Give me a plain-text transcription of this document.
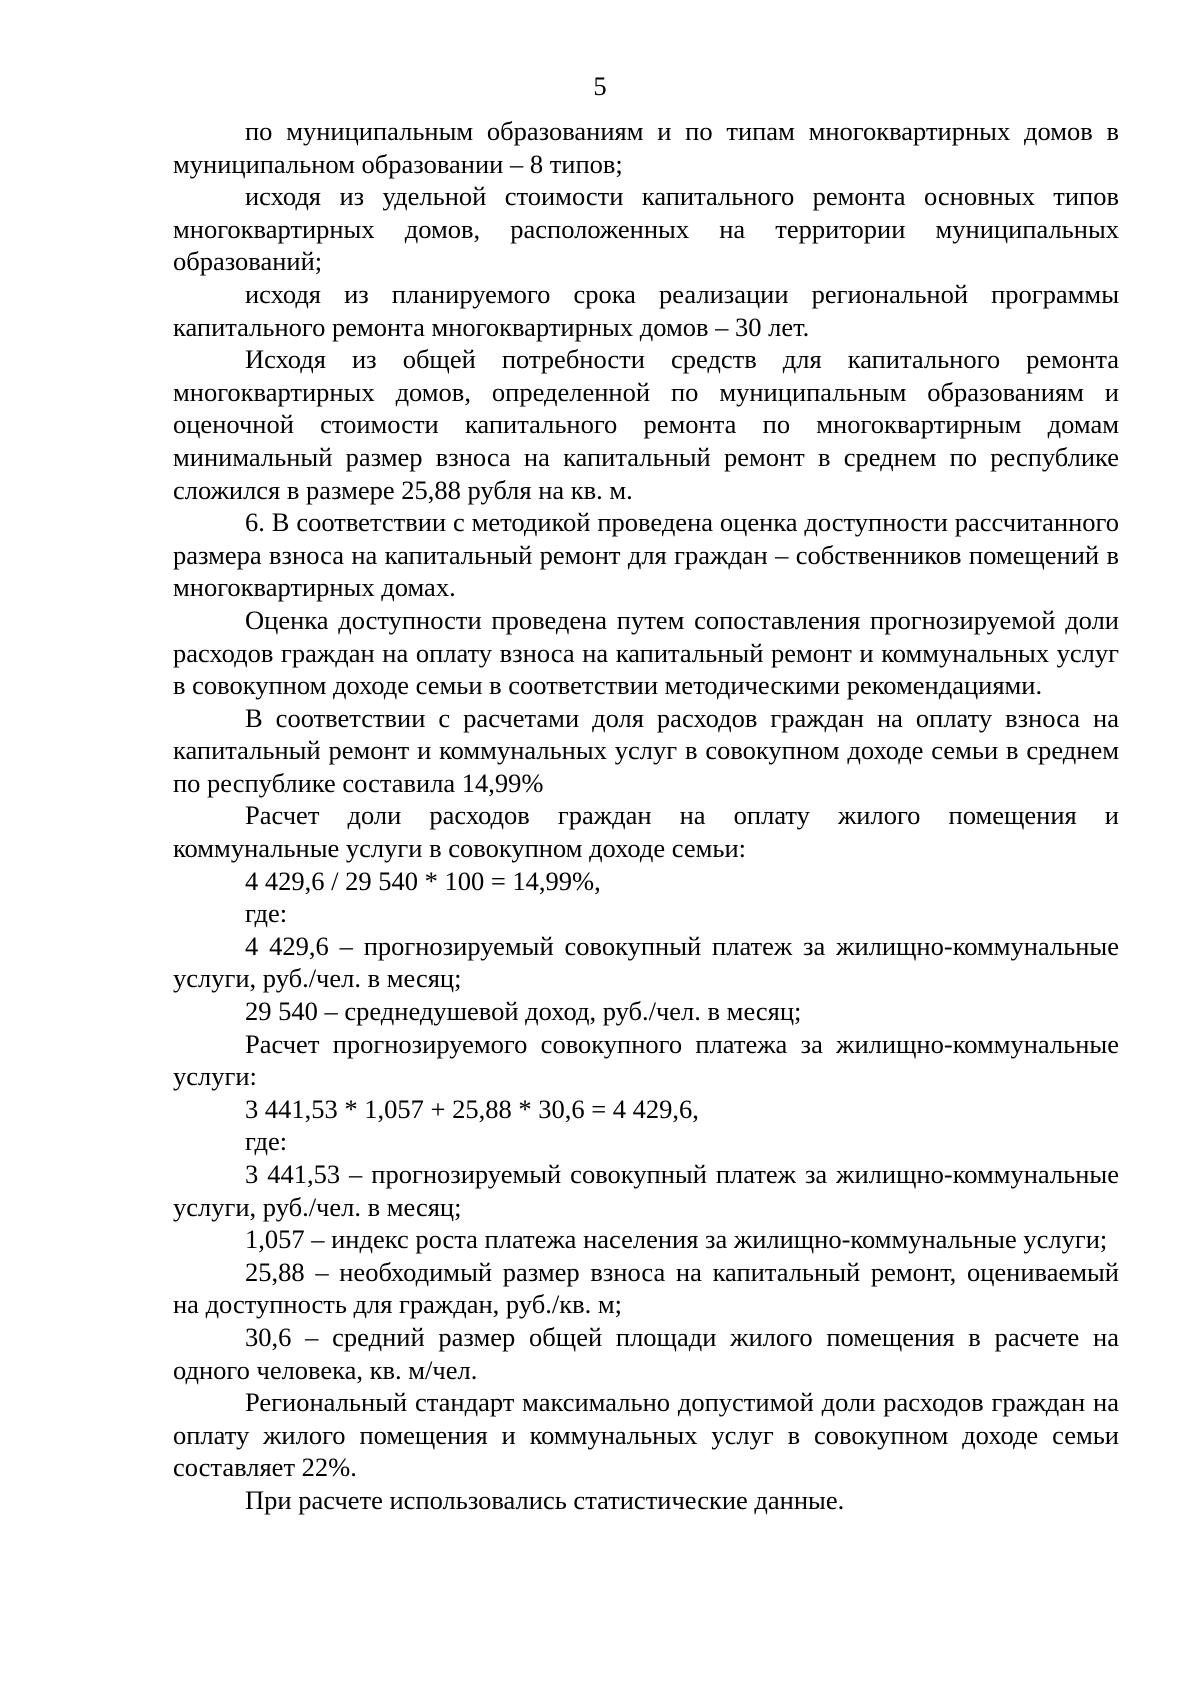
5

по муниципальным образованиям и по типам многоквартирных домов в муниципальном образовании – 8 типов;

исходя из удельной стоимости капитального ремонта основных типов многоквартирных домов, расположенных на территории муниципальных образований;

исходя из планируемого срока реализации региональной программы капитального ремонта многоквартирных домов – 30 лет.

Исходя из общей потребности средств для капитального ремонта многоквартирных домов, определенной по муниципальным образованиям и оценочной стоимости капитального ремонта по многоквартирным домам минимальный размер взноса на капитальный ремонт в среднем по республике сложился в размере 25,88 рубля на кв. м.

6. В соответствии с методикой проведена оценка доступности рассчитанного размера взноса на капитальный ремонт для граждан – собственников помещений в многоквартирных домах.

Оценка доступности проведена путем сопоставления прогнозируемой доли расходов граждан на оплату взноса на капитальный ремонт и коммунальных услуг в совокупном доходе семьи в соответствии методическими рекомендациями.

В соответствии с расчетами доля расходов граждан на оплату взноса на капитальный ремонт и коммунальных услуг в совокупном доходе семьи в среднем по республике составила 14,99%

Расчет доли расходов граждан на оплату жилого помещения и коммунальные услуги в совокупном доходе семьи:

4 429,6 / 29 540 * 100 = 14,99%,

где:

4 429,6 – прогнозируемый совокупный платеж за жилищно-коммунальные услуги, руб./чел. в месяц;

29 540 – среднедушевой доход, руб./чел. в месяц;

Расчет прогнозируемого совокупного платежа за жилищно-коммунальные услуги:

3 441,53 * 1,057 + 25,88 * 30,6 = 4 429,6,

где:

3 441,53 – прогнозируемый совокупный платеж за жилищно-коммунальные услуги, руб./чел. в месяц;

1,057 – индекс роста платежа населения за жилищно-коммунальные услуги;

25,88 – необходимый размер взноса на капитальный ремонт, оцениваемый на доступность для граждан, руб./кв. м;

30,6 – средний размер общей площади жилого помещения в расчете на одного человека, кв. м/чел.

Региональный стандарт максимально допустимой доли расходов граждан на оплату жилого помещения и коммунальных услуг в совокупном доходе семьи составляет 22%.

При расчете использовались статистические данные.
